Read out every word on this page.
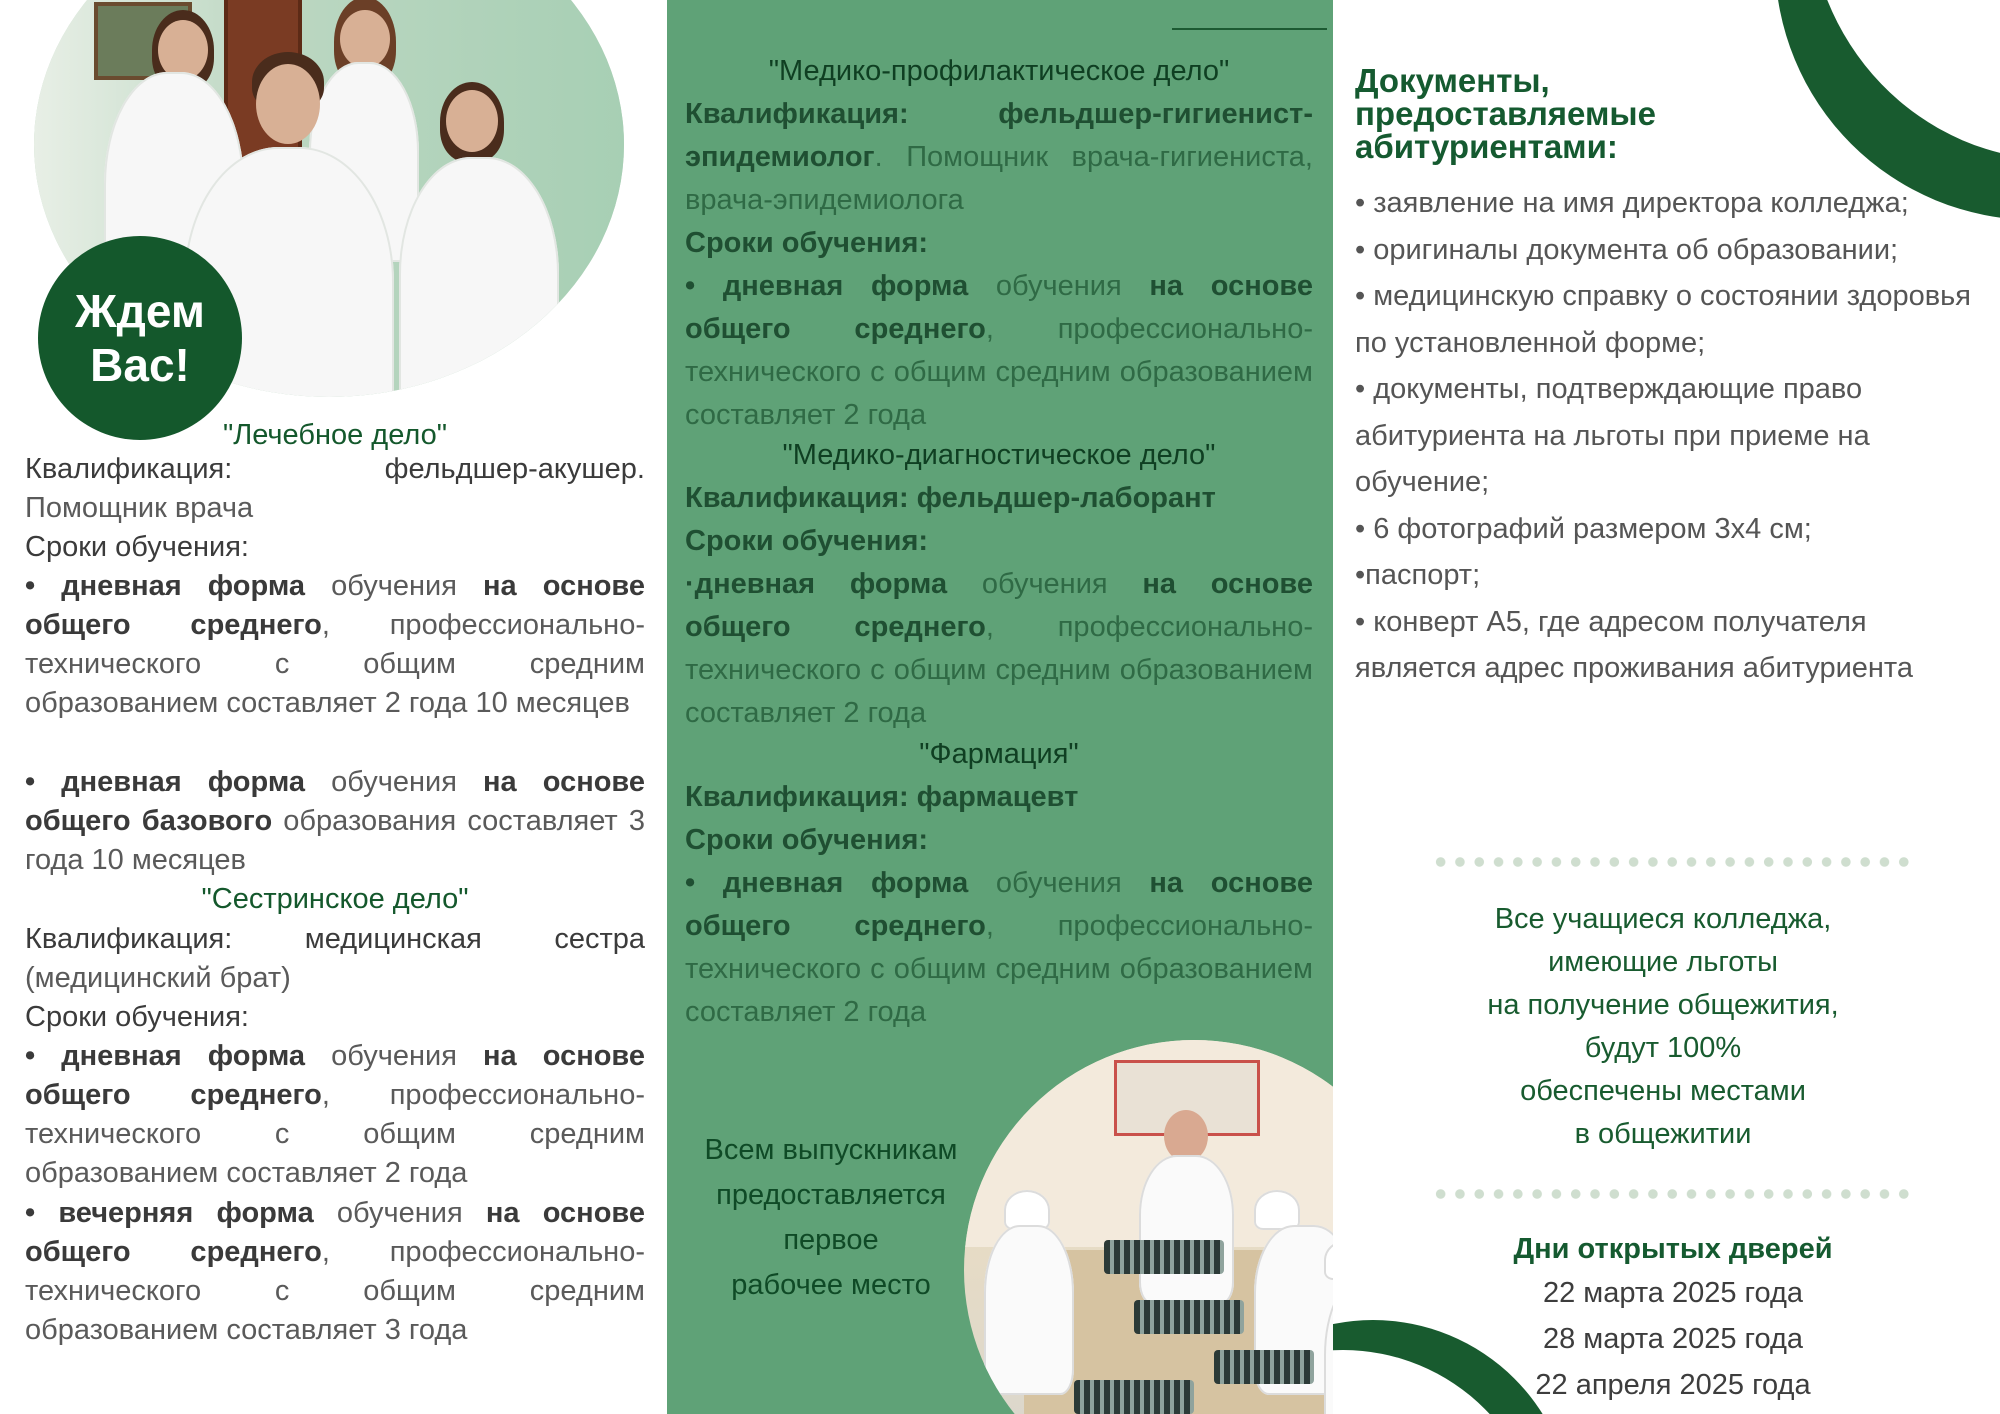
Ждем Вас!
"Лечебное дело"
Квалификация:	фельдшер-акушер.
Помощник врача
Сроки обучения:
• дневная форма обучения на основе общего среднего, профессионально-технического с общим средним образованием составляет 2 года 10 месяцев
• дневная форма обучения на основе общего базового образования составляет 3 года 10 месяцев
"Сестринское дело"
Квалификация: медицинская сестра
(медицинский брат)
Сроки обучения:
• дневная форма обучения на основе общего среднего, профессионально-технического с общим средним образованием составляет 2 года
• вечерняя форма обучения на основе общего среднего, профессионально-технического с общим средним образованием составляет 3 года
"Медико-профилактическое дело"
Квалификация: фельдшер-гигиенист-эпидемиолог. Помощник врача-гигиениста, врача-эпидемиолога
Сроки обучения:
• дневная форма обучения на основе общего среднего, профессионально-технического с общим средним образованием составляет 2 года
"Медико-диагностическое дело"
Квалификация: фельдшер-лаборант
Сроки обучения:
·дневная форма обучения на основе общего среднего, профессионально-технического с общим средним образованием составляет 2 года
"Фармация"
Квалификация: фармацевт
Сроки обучения:
• дневная форма обучения на основе общего среднего, профессионально-технического с общим средним образованием составляет 2 года
Всем выпускникам
предоставляется
первое
рабочее место
Документы, предоставляемые абитуриентами:
• заявление на имя директора колледжа;
• оригиналы документа об образовании;
• медицинскую справку о состоянии здоровья по установленной форме;
• документы, подтверждающие право абитуриента на льготы при приеме на обучение;
• 6 фотографий размером 3х4 см;
•паспорт;
• конверт А5, где адресом получателя является адрес проживания абитуриента
Все учащиеся колледжа,
имеющие льготы
на получение общежития,
будут 100%
обеспечены местами
в общежитии
Дни открытых дверей
22 марта 2025 года
28 марта 2025 года
22 апреля 2025 года
